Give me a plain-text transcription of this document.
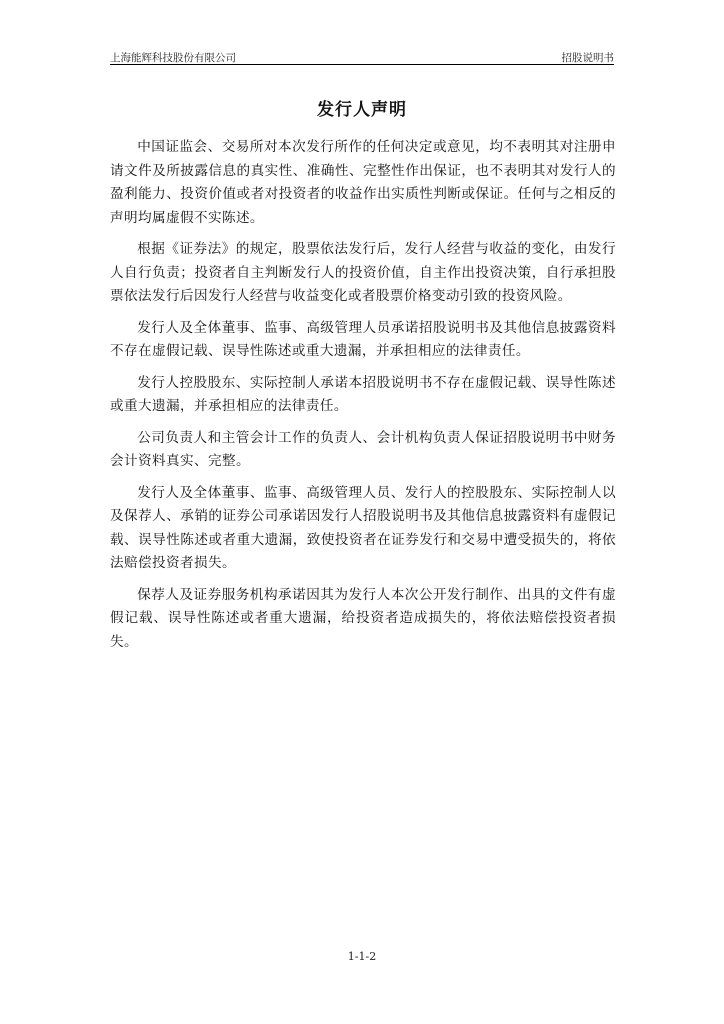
上海能辉科技股份有限公司	招股说明书
发行人声明

中国证监会、交易所对本次发行所作的任何决定或意见，均不表明其对注册申请文件及所披露信息的真实性、准确性、完整性作出保证，也不表明其对发行人的盈利能力、投资价值或者对投资者的收益作出实质性判断或保证。任何与之相反的声明均属虚假不实陈述。

根据《证券法》的规定，股票依法发行后，发行人经营与收益的变化，由发行人自行负责；投资者自主判断发行人的投资价值，自主作出投资决策，自行承担股票依法发行后因发行人经营与收益变化或者股票价格变动引致的投资风险。

发行人及全体董事、监事、高级管理人员承诺招股说明书及其他信息披露资料不存在虚假记载、误导性陈述或重大遗漏，并承担相应的法律责任。

发行人控股股东、实际控制人承诺本招股说明书不存在虚假记载、误导性陈述或重大遗漏，并承担相应的法律责任。

公司负责人和主管会计工作的负责人、会计机构负责人保证招股说明书中财务会计资料真实、完整。

发行人及全体董事、监事、高级管理人员、发行人的控股股东、实际控制人以及保荐人、承销的证券公司承诺因发行人招股说明书及其他信息披露资料有虚假记载、误导性陈述或者重大遗漏，致使投资者在证券发行和交易中遭受损失的，将依法赔偿投资者损失。

保荐人及证券服务机构承诺因其为发行人本次公开发行制作、出具的文件有虚假记载、误导性陈述或者重大遗漏，给投资者造成损失的，将依法赔偿投资者损失。

1-1-2
